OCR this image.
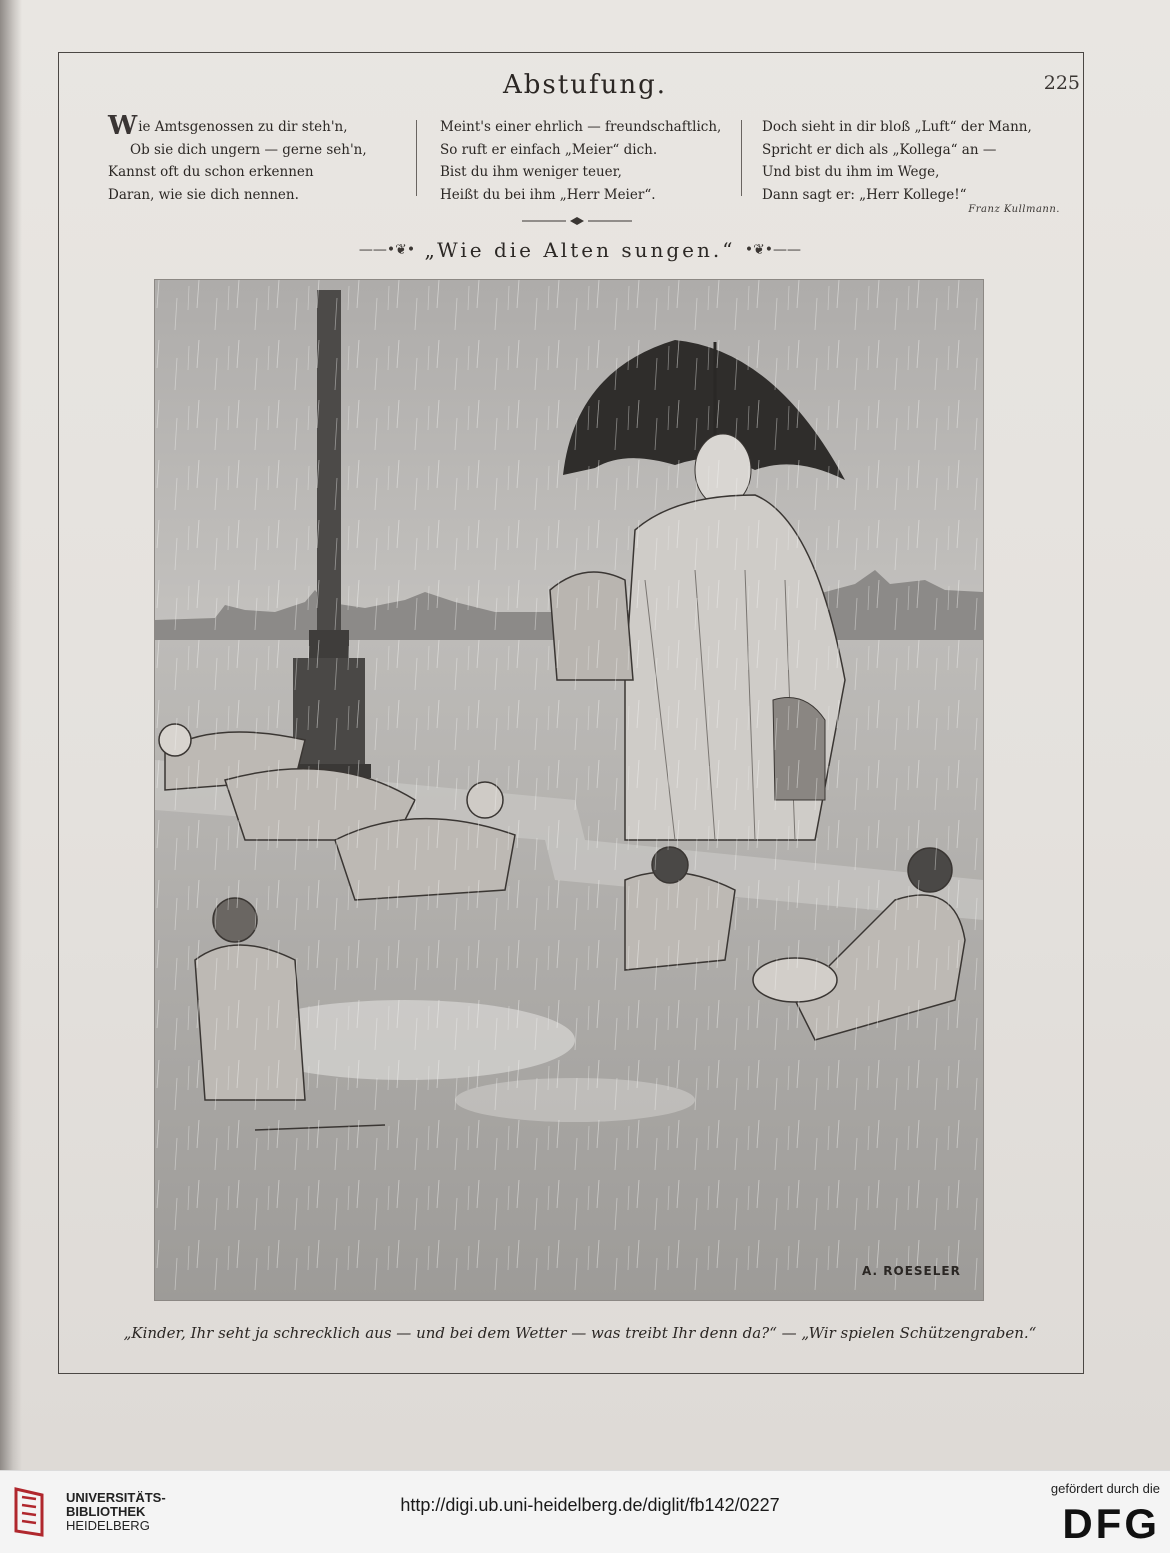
Abstufung.	225
Wie Amtsgenossen zu dir steh'n,
Ob sie dich ungern — gerne seh'n,
Kannst oft du schon erkennen
Daran, wie sie dich nennen.
Meint's einer ehrlich — freundschaftlich,
So ruft er einfach „Meier“ dich.
Bist du ihm weniger teuer,
Heißt du bei ihm „Herr Meier“.
Doch sieht in dir bloß „Luft“ der Mann,
Spricht er dich als „Kollega“ an —
Und bist du ihm im Wege,
Dann sagt er: „Herr Kollege!“
Franz Kullmann.
——•❦• „Wie die Alten sungen.“ •❦•——
A. ROESELER
„Kinder, Ihr seht ja schrecklich aus — und bei dem Wetter — was treibt Ihr denn da?“ — „Wir spielen Schützengraben.“
UNIVERSITÄTS-
BIBLIOTHEK
HEIDELBERG
http://digi.ub.uni-heidelberg.de/diglit/fb142/0227
gefördert durch die
DFG
